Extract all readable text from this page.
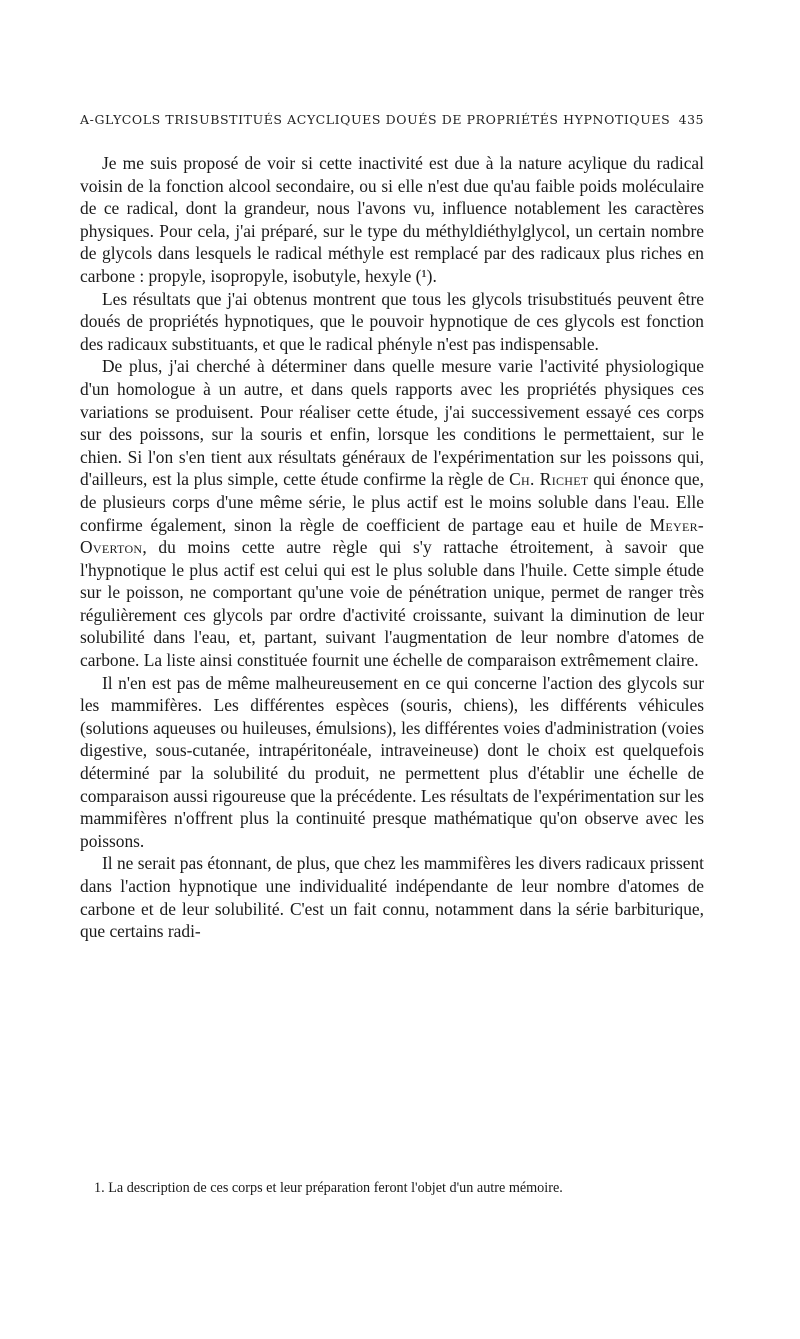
Α-GLYCOLS TRISUBSTITUÉS ACYCLIQUES DOUÉS DE PROPRIÉTÉS HYPNOTIQUES 435

Je me suis proposé de voir si cette inactivité est due à la nature acylique du radical voisin de la fonction alcool secondaire, ou si elle n'est due qu'au faible poids moléculaire de ce radical, dont la grandeur, nous l'avons vu, influence notablement les caractères physiques. Pour cela, j'ai préparé, sur le type du méthyldiéthylglycol, un certain nombre de glycols dans lesquels le radical méthyle est remplacé par des radicaux plus riches en carbone : propyle, isopropyle, isobutyle, hexyle (¹).

Les résultats que j'ai obtenus montrent que tous les glycols trisubstitués peuvent être doués de propriétés hypnotiques, que le pouvoir hypnotique de ces glycols est fonction des radicaux substituants, et que le radical phényle n'est pas indispensable.

De plus, j'ai cherché à déterminer dans quelle mesure varie l'activité physiologique d'un homologue à un autre, et dans quels rapports avec les propriétés physiques ces variations se produisent. Pour réaliser cette étude, j'ai successivement essayé ces corps sur des poissons, sur la souris et enfin, lorsque les conditions le permettaient, sur le chien. Si l'on s'en tient aux résultats généraux de l'expérimentation sur les poissons qui, d'ailleurs, est la plus simple, cette étude confirme la règle de Ch. Richet qui énonce que, de plusieurs corps d'une même série, le plus actif est le moins soluble dans l'eau. Elle confirme également, sinon la règle de coefficient de partage eau et huile de Meyer-Overton, du moins cette autre règle qui s'y rattache étroitement, à savoir que l'hypnotique le plus actif est celui qui est le plus soluble dans l'huile. Cette simple étude sur le poisson, ne comportant qu'une voie de pénétration unique, permet de ranger très régulièrement ces glycols par ordre d'activité croissante, suivant la diminution de leur solubilité dans l'eau, et, partant, suivant l'augmentation de leur nombre d'atomes de carbone. La liste ainsi constituée fournit une échelle de comparaison extrêmement claire.

Il n'en est pas de même malheureusement en ce qui concerne l'action des glycols sur les mammifères. Les différentes espèces (souris, chiens), les différents véhicules (solutions aqueuses ou huileuses, émulsions), les différentes voies d'administration (voies digestive, sous-cutanée, intrapéritonéale, intraveineuse) dont le choix est quelquefois déterminé par la solubilité du produit, ne permettent plus d'établir une échelle de comparaison aussi rigoureuse que la précédente. Les résultats de l'expérimentation sur les mammifères n'offrent plus la continuité presque mathématique qu'on observe avec les poissons.

Il ne serait pas étonnant, de plus, que chez les mammifères les divers radicaux prissent dans l'action hypnotique une individualité indépendante de leur nombre d'atomes de carbone et de leur solubilité. C'est un fait connu, notamment dans la série barbiturique, que certains radi-

1. La description de ces corps et leur préparation feront l'objet d'un autre mémoire.
